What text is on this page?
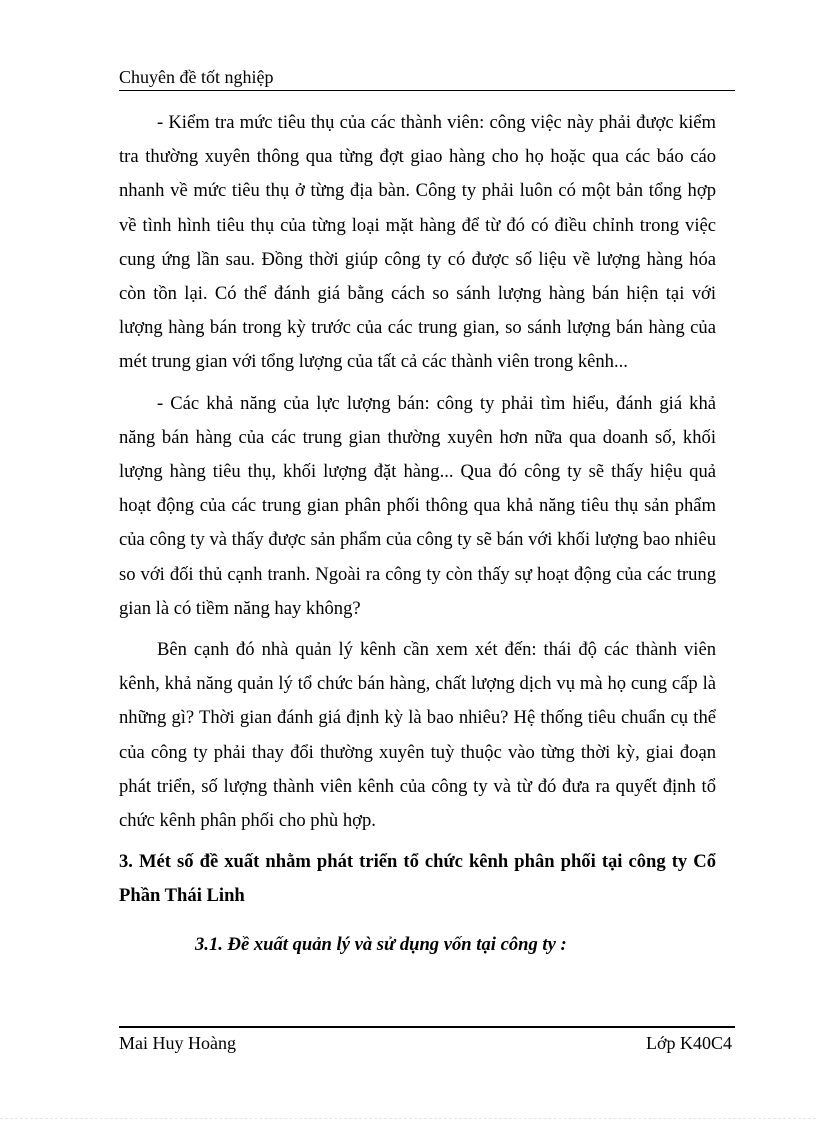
Chuyên đề tốt nghiệp

- Kiểm tra mức tiêu thụ của các thành viên: công việc này phải được kiểm tra thường xuyên thông qua từng đợt giao hàng cho họ hoặc qua các báo cáo nhanh về mức tiêu thụ ở từng địa bàn. Công ty phải luôn có một bản tổng hợp về tình hình tiêu thụ của từng loại mặt hàng để từ đó có điều chỉnh trong việc cung ứng lần sau. Đồng thời giúp công ty có được số liệu về lượng hàng hóa còn tồn lại. Có thể đánh giá bằng cách so sánh lượng hàng bán hiện tại với lượng hàng bán trong kỳ trước của các trung gian, so sánh lượng bán hàng của mét trung gian với tổng lượng của tất cả các thành viên trong kênh...

- Các khả năng của lực lượng bán: công ty phải tìm hiểu, đánh giá khả năng bán hàng của các trung gian thường xuyên hơn nữa qua doanh số, khối lượng hàng tiêu thụ, khối lượng đặt hàng... Qua đó công ty sẽ thấy hiệu quả hoạt động của các trung gian phân phối thông qua khả năng tiêu thụ sản phẩm của công ty và thấy được sản phẩm của công ty sẽ bán với khối lượng bao nhiêu so với đối thủ cạnh tranh. Ngoài ra công ty còn thấy sự hoạt động của các trung gian là có tiềm năng hay không?

Bên cạnh đó nhà quản lý kênh cần xem xét đến: thái độ các thành viên kênh, khả năng quản lý tổ chức bán hàng, chất lượng dịch vụ mà họ cung cấp là những gì? Thời gian đánh giá định kỳ là bao nhiêu? Hệ thống tiêu chuẩn cụ thể của công ty phải thay đổi thường xuyên tuỳ thuộc vào từng thời kỳ, giai đoạn phát triển, số lượng thành viên kênh của công ty và từ đó đưa ra quyết định tổ chức kênh phân phối cho phù hợp.

3. Mét số đề xuất nhằm phát triển tổ chức kênh phân phối tại công ty Cổ Phần Thái Linh

3.1. Đề xuất quản lý và sử dụng vốn tại công ty :

Mai Huy Hoàng	Lớp K40C4
